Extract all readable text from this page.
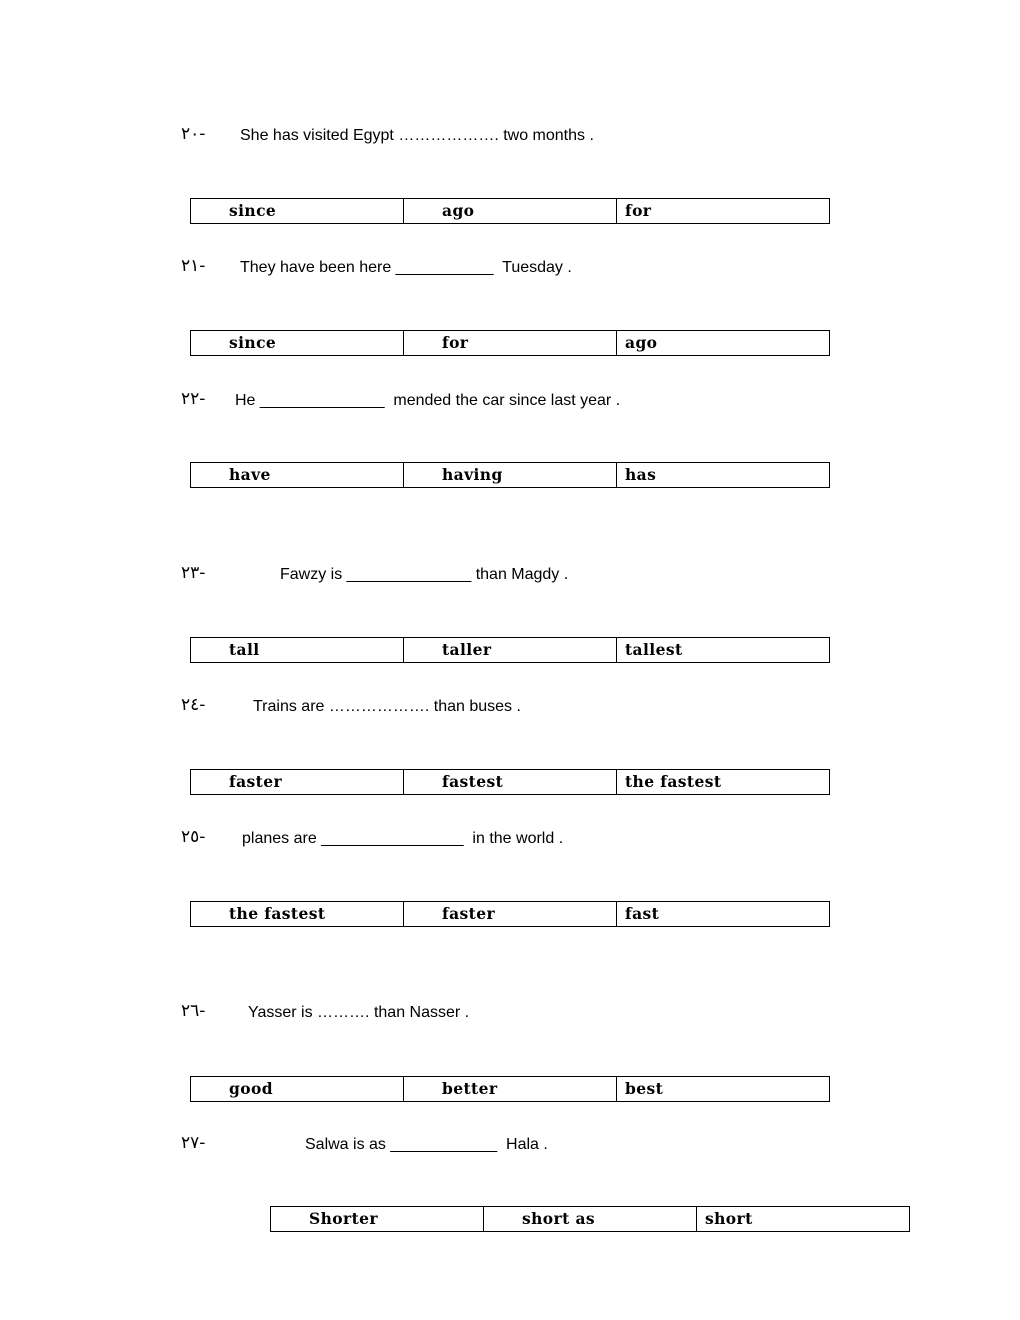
٢٠- She has visited Egypt ………………. two months .
since	ago	for
٢١- They have been here ___________  Tuesday .
since	for	ago
٢٢- He ______________  mended the car since last year .
have	having	has
٢٣-	Fawzy is ______________ than Magdy .
tall	taller	tallest
٢٤-	Trains are ………………. than buses .
faster	fastest	the fastest
٢٥- planes are ________________  in the world .
the fastest	faster	fast
٢٦-	Yasser is ………. than Nasser .
good	better	best
٢٧-	Salwa is as ____________  Hala .
Shorter	short as	short
